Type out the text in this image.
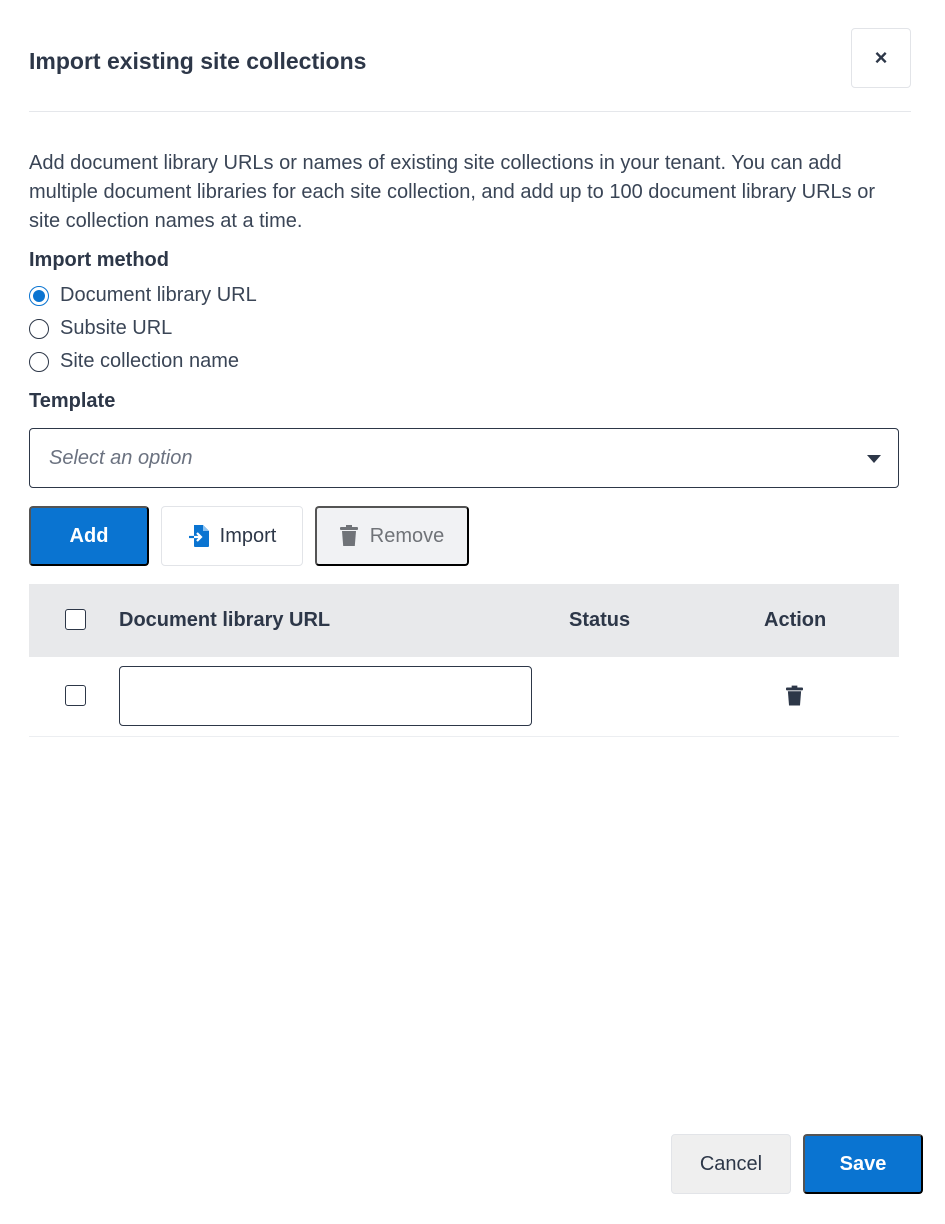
Import existing site collections	×

Add document library URLs or names of existing site collections in your tenant. You can add multiple document libraries for each site collection, and add up to 100 document library URLs or site collection names at a time.

Import method
Document library URL
Subsite URL
Site collection name
Template
Select an option
Add	Import	Remove
Document library URL	Status	Action
Cancel	Save
